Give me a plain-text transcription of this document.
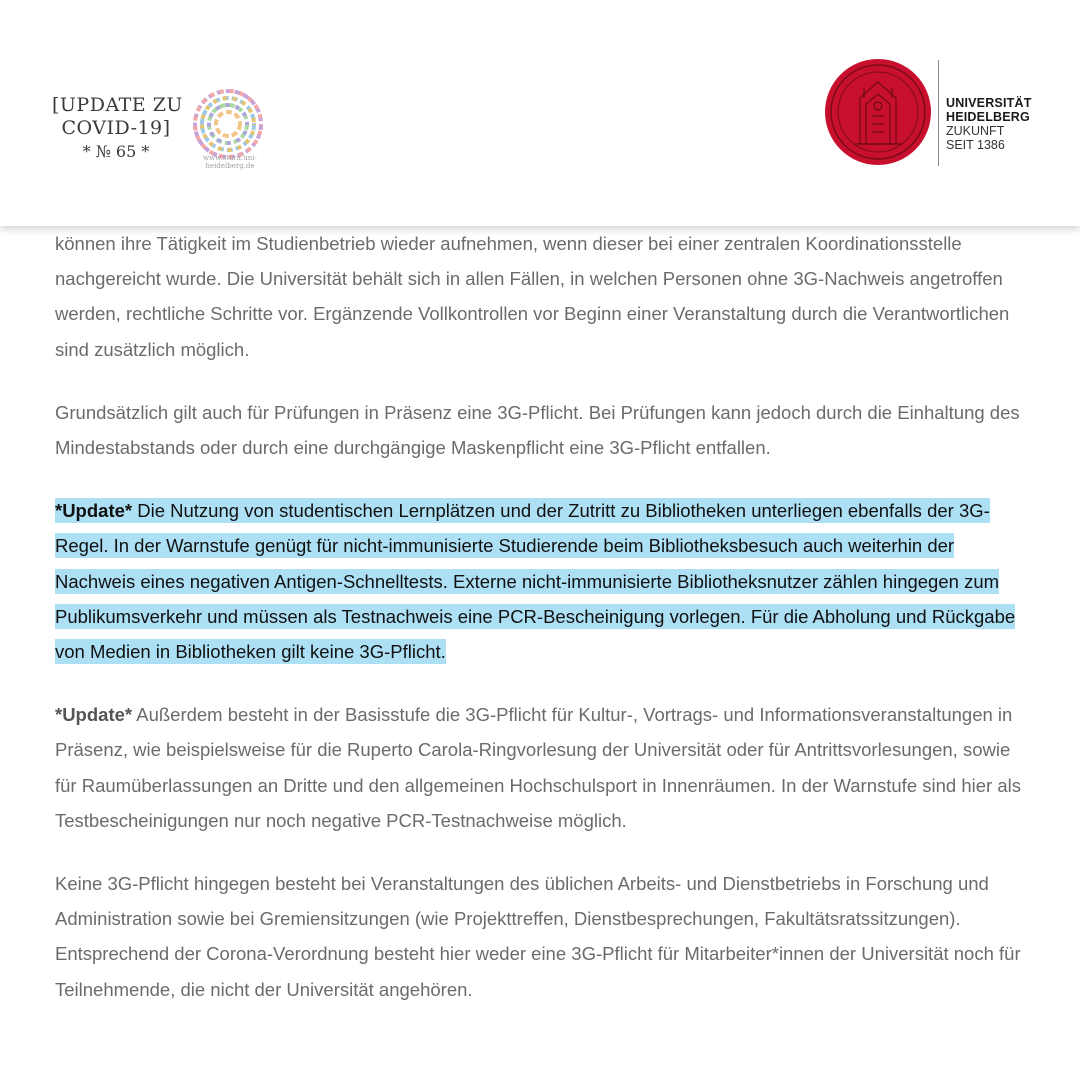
[UPDATE ZU
COVID-19]
* № 65 *	www.stura.uni-heidelberg.de
UNIVERSITÄT
HEIDELBERG
ZUKUNFT
SEIT 1386

können ihre Tätigkeit im Studienbetrieb wieder aufnehmen, wenn dieser bei einer zentralen Koordinationsstelle nachgereicht wurde. Die Universität behält sich in allen Fällen, in welchen Personen ohne 3G-Nachweis angetroffen werden, rechtliche Schritte vor. Ergänzende Vollkontrollen vor Beginn einer Veranstaltung durch die Verantwortlichen sind zusätzlich möglich.

Grundsätzlich gilt auch für Prüfungen in Präsenz eine 3G-Pflicht. Bei Prüfungen kann jedoch durch die Einhaltung des Mindestabstands oder durch eine durchgängige Maskenpflicht eine 3G-Pflicht entfallen.

*Update* Die Nutzung von studentischen Lernplätzen und der Zutritt zu Bibliotheken unterliegen ebenfalls der 3G-Regel. In der Warnstufe genügt für nicht-immunisierte Studierende beim Bibliotheksbesuch auch weiterhin der Nachweis eines negativen Antigen-Schnelltests. Externe nicht-immunisierte Bibliotheksnutzer zählen hingegen zum Publikumsverkehr und müssen als Testnachweis eine PCR-Bescheinigung vorlegen. Für die Abholung und Rückgabe von Medien in Bibliotheken gilt keine 3G-Pflicht.

*Update* Außerdem besteht in der Basisstufe die 3G-Pflicht für Kultur-, Vortrags- und Informationsveranstaltungen in Präsenz, wie beispielsweise für die Ruperto Carola-Ringvorlesung der Universität oder für Antrittsvorlesungen, sowie für Raumüberlassungen an Dritte und den allgemeinen Hochschulsport in Innenräumen. In der Warnstufe sind hier als Testbescheinigungen nur noch negative PCR-Testnachweise möglich.

Keine 3G-Pflicht hingegen besteht bei Veranstaltungen des üblichen Arbeits- und Dienstbetriebs in Forschung und Administration sowie bei Gremiensitzungen (wie Projekttreffen, Dienstbesprechungen, Fakultätsratssitzungen). Entsprechend der Corona-Verordnung besteht hier weder eine 3G-Pflicht für Mitarbeiter*innen der Universität noch für Teilnehmende, die nicht der Universität angehören.
